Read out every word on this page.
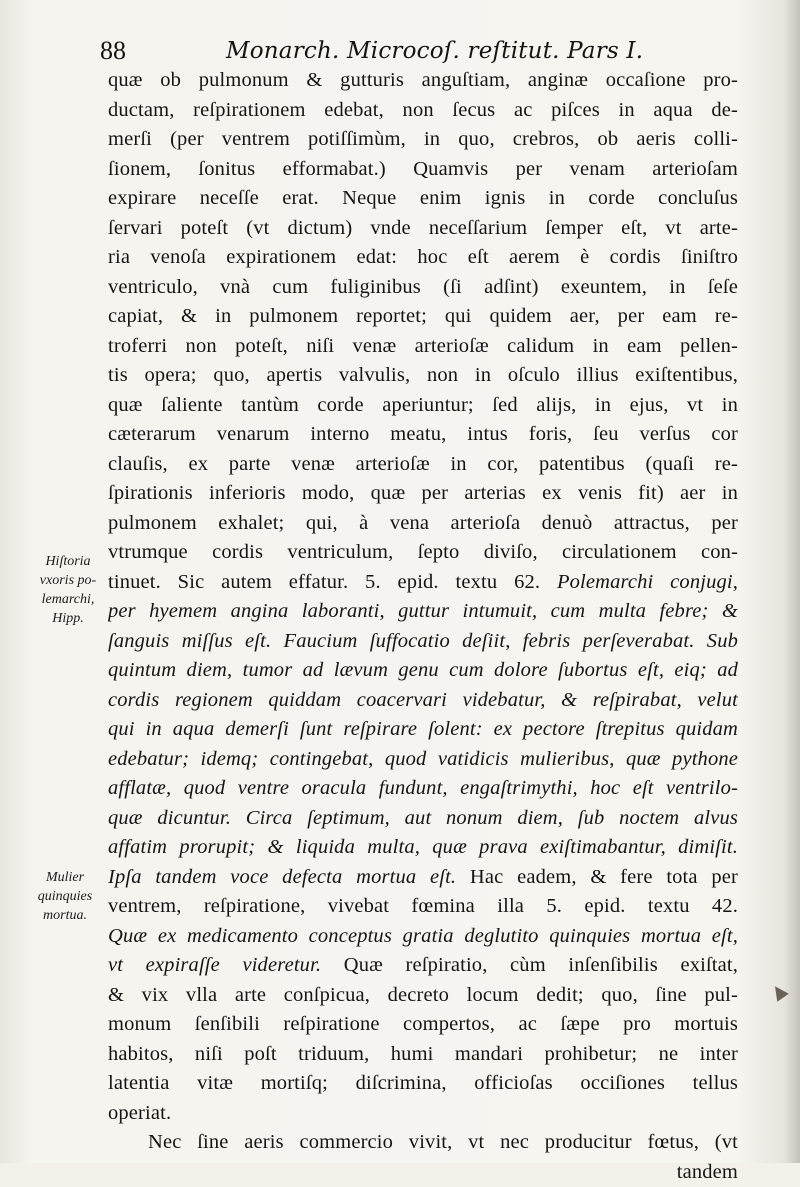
88	Monarch. Microcoſ. reſtitut. Pars I.
quæ ob pulmonum & gutturis anguſtiam, anginæ occaſione pro-
ductam, reſpirationem edebat, non ſecus ac piſces in aqua de-
merſi (per ventrem potiſſimùm, in quo, crebros, ob aeris colli-
ſionem, ſonitus efformabat.) Quamvis per venam arterioſam
expirare neceſſe erat. Neque enim ignis in corde concluſus
ſervari poteſt (vt dictum) vnde neceſſarium ſemper eſt, vt arte-
ria venoſa expirationem edat: hoc eſt aerem è cordis ſiniſtro
ventriculo, vnà cum fuliginibus (ſi adſint) exeuntem, in ſeſe
capiat, & in pulmonem reportet; qui quidem aer, per eam re-
troferri non poteſt, niſi venæ arterioſæ calidum in eam pellen-
tis opera; quo, apertis valvulis, non in oſculo illius exiſtentibus,
quæ ſaliente tantùm corde aperiuntur; ſed alijs, in ejus, vt in
cæterarum venarum interno meatu, intus foris, ſeu verſus cor
clauſis, ex parte venæ arterioſæ in cor, patentibus (quaſi re-
ſpirationis inferioris modo, quæ per arterias ex venis fit) aer in
pulmonem exhalet; qui, à vena arterioſa denuò attractus, per
vtrumque cordis ventriculum, ſepto diviſo, circulationem con-
tinuet. Sic autem effatur. 5. epid. textu 62. Polemarchi conjugi,
per hyemem angina laboranti, guttur intumuit, cum multa febre; &
ſanguis miſſus eſt. Faucium ſuffocatio deſiit, febris perſeverabat. Sub
quintum diem, tumor ad lævum genu cum dolore ſubortus eſt, eiq; ad
cordis regionem quiddam coacervari videbatur, & reſpirabat, velut
qui in aqua demerſi ſunt reſpirare ſolent: ex pectore ſtrepitus quidam
edebatur; idemq; contingebat, quod vatidicis mulieribus, quæ pythone
afflatæ, quod ventre oracula fundunt, engaſtrimythi, hoc eſt ventrilo-
quæ dicuntur. Circa ſeptimum, aut nonum diem, ſub noctem alvus
affatim prorupit; & liquida multa, quæ prava exiſtimabantur, dimiſit.
Ipſa tandem voce defecta mortua eſt. Hac eadem, & fere tota per
ventrem, reſpiratione, vivebat fœmina illa 5. epid. textu 42.
Quæ ex medicamento conceptus gratia deglutito quinquies mortua eſt,
vt expiraſſe videretur. Quæ reſpiratio, cùm inſenſibilis exiſtat,
& vix vlla arte conſpicua, decreto locum dedit; quo, ſine pul-
monum ſenſibili reſpiratione compertos, ac ſæpe pro mortuis
habitos, niſi poſt triduum, humi mandari prohibetur; ne inter
latentia vitæ mortiſq; diſcrimina, officioſas occiſiones tellus
operiat.
Nec ſine aeris commercio vivit, vt nec producitur fœtus, (vt
tandem
Hiſtoria
vxoris po-
lemarchi,
Hipp.
Mulier
quinquies
mortua.
